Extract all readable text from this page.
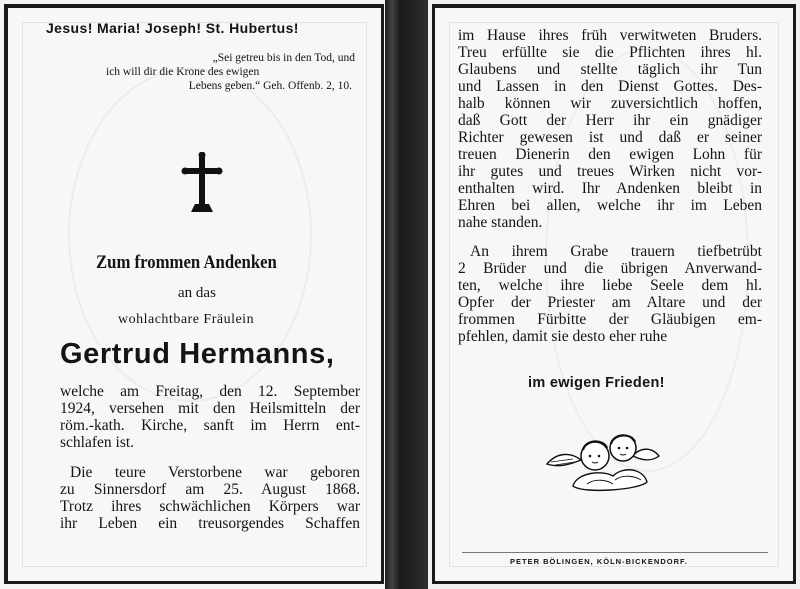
Jesus! Maria! Joseph! St. Hubertus!
„Sei getreu bis in den Tod, und
ich will dir die Krone des ewigen
Lebens geben.“ Geh. Offenb. 2, 10.
Zum frommen Andenken
an das
wohlachtbare Fräulein
Gertrud Hermanns,
welche am Freitag, den 12. September
1924, versehen mit den Heilsmitteln der
röm.-kath. Kirche, sanft im Herrn ent-
schlafen ist.
Die teure Verstorbene war geboren
zu Sinnersdorf am 25. August 1868.
Trotz ihres schwächlichen Körpers war
ihr Leben ein treusorgendes Schaffen
im Hause ihres früh verwitweten Bruders.
Treu erfüllte sie die Pflichten ihres hl.
Glaubens und stellte täglich ihr Tun
und Lassen in den Dienst Gottes. Des-
halb können wir zuversichtlich hoffen,
daß Gott der Herr ihr ein gnädiger
Richter gewesen ist und daß er seiner
treuen Dienerin den ewigen Lohn für
ihr gutes und treues Wirken nicht vor-
enthalten wird. Ihr Andenken bleibt in
Ehren bei allen, welche ihr im Leben
nahe standen.
An ihrem Grabe trauern tiefbetrübt
2 Brüder und die übrigen Anverwand-
ten, welche ihre liebe Seele dem hl.
Opfer der Priester am Altare und der
frommen Fürbitte der Gläubigen em-
pfehlen, damit sie desto eher ruhe
im ewigen Frieden!
PETER BÖLINGEN, KÖLN-BICKENDORF.
